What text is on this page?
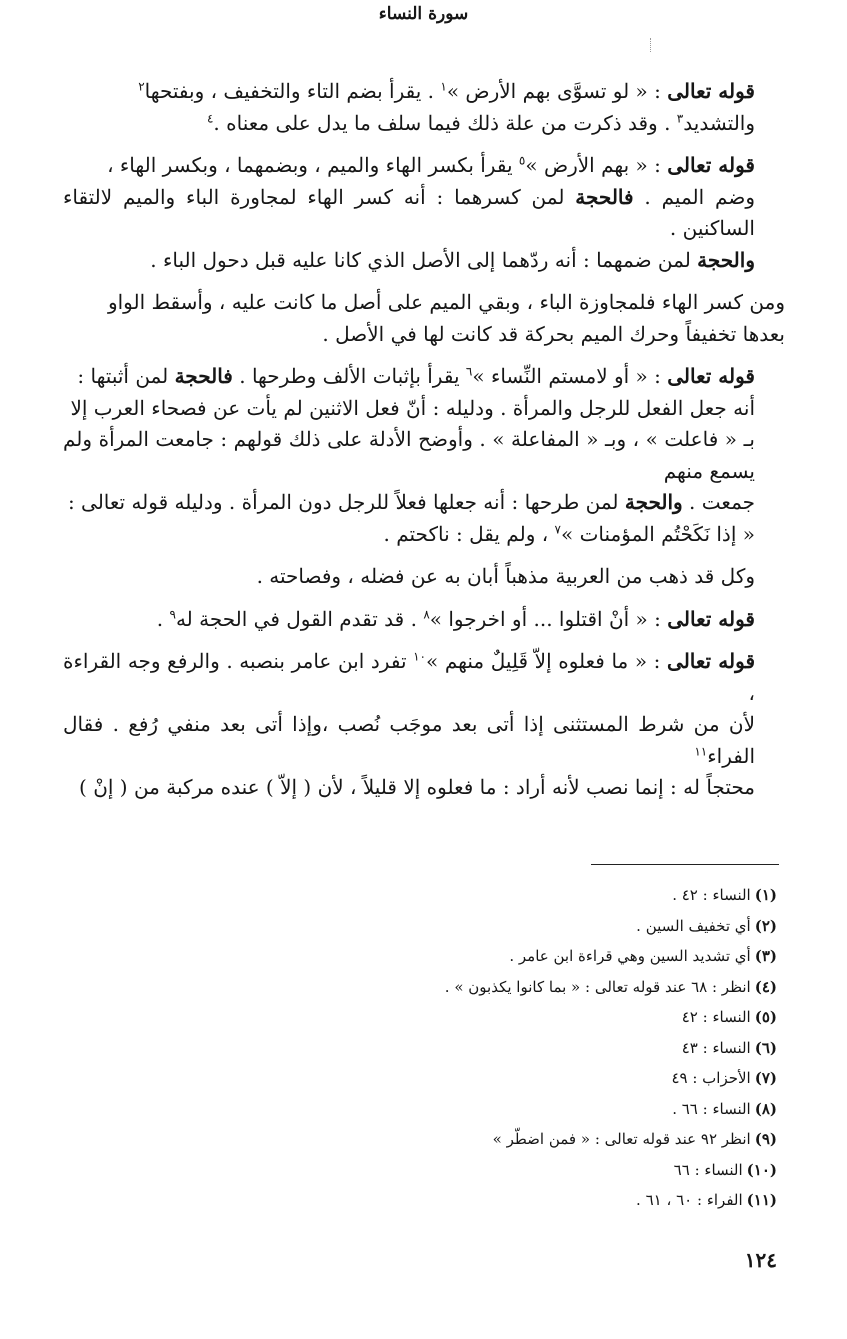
سورة النساء

قوله تعالى : « لو تسوَّى بهم الأرض »$^١$ . يقرأ بضم التاء والتخفيف ، وبفتحها$^٢$
والتشديد$^٣$ . وقد ذكرت من علة ذلك فيما سلف ما يدل على معناه .$^٤$

قوله تعالى : « بهم الأرض »$^٥$ يقرأ بكسر الهاء والميم ، وبضمهما ، وبكسر الهاء ،
وضم الميم . فالحجة لمن كسرهما : أنه كسر الهاء لمجاورة الباء والميم لالتقاء الساكنين .
والحجة لمن ضمهما : أنه ردّهما إلى الأصل الذي كانا عليه قبل دحول الباء .

ومن كسر الهاء فلمجاوزة الباء ، وبقي الميم على أصل ما كانت عليه ، وأسقط الواو
بعدها تخفيفاً وحرك الميم بحركة قد كانت لها في الأصل .

قوله تعالى : « أو لامستم النِّساء »$^٦$ يقرأ بإثبات الألف وطرحها . فالحجة لمن أثبتها :
أنه جعل الفعل للرجل والمرأة . ودليله : أنّ فعل الاثنين لم يأت عن فصحاء العرب إلا
بـ « فاعلت » ، وبـ « المفاعلة » . وأوضح الأدلة على ذلك قولهم : جامعت المرأة ولم يسمع منهم
جمعت . والحجة لمن طرحها : أنه جعلها فعلاً للرجل دون المرأة . ودليله قوله تعالى :
« إذا نَكَحْتُم المؤمنات »$^٧$ ، ولم يقل : ناكحتم .

وكل قد ذهب من العربية مذهباً أبان به عن فضله ، وفصاحته .

قوله تعالى : « أنْ اقتلوا ... أو اخرجوا »$^٨$ . قد تقدم القول في الحجة له$^٩$ .

قوله تعالى : « ما فعلوه إلاّ قَلِيلٌ منهم »$^{١٠}$ تفرد ابن عامر بنصبه . والرفع وجه القراءة ،
لأن من شرط المستثنى إذا أتى بعد موجَب نُصب ،وإذا أتى بعد منفي رُفع . فقال الفراء$^{١١}$
محتجاً له : إنما نصب لأنه أراد : ما فعلوه إلا قليلاً ، لأن ( إلاّ ) عنده مركبة من ( إنْ )

(١)
النساء : ٤٢ .
(٢)
أي تخفيف السين .
(٣)
أي تشديد السين وهي قراءة ابن عامر .
(٤)
انظر : ٦٨ عند قوله تعالى : « بما كانوا يكذبون » .
(٥)
النساء : ٤٢
(٦)
النساء : ٤٣
(٧)
الأحزاب : ٤٩
(٨)
النساء : ٦٦ .
(٩)
انظر ٩٢ عند قوله تعالى : « فمن اضطّر »
(١٠)
النساء : ٦٦
(١١)
الفراء : ٦٠ ، ٦١ .
١٢٤
